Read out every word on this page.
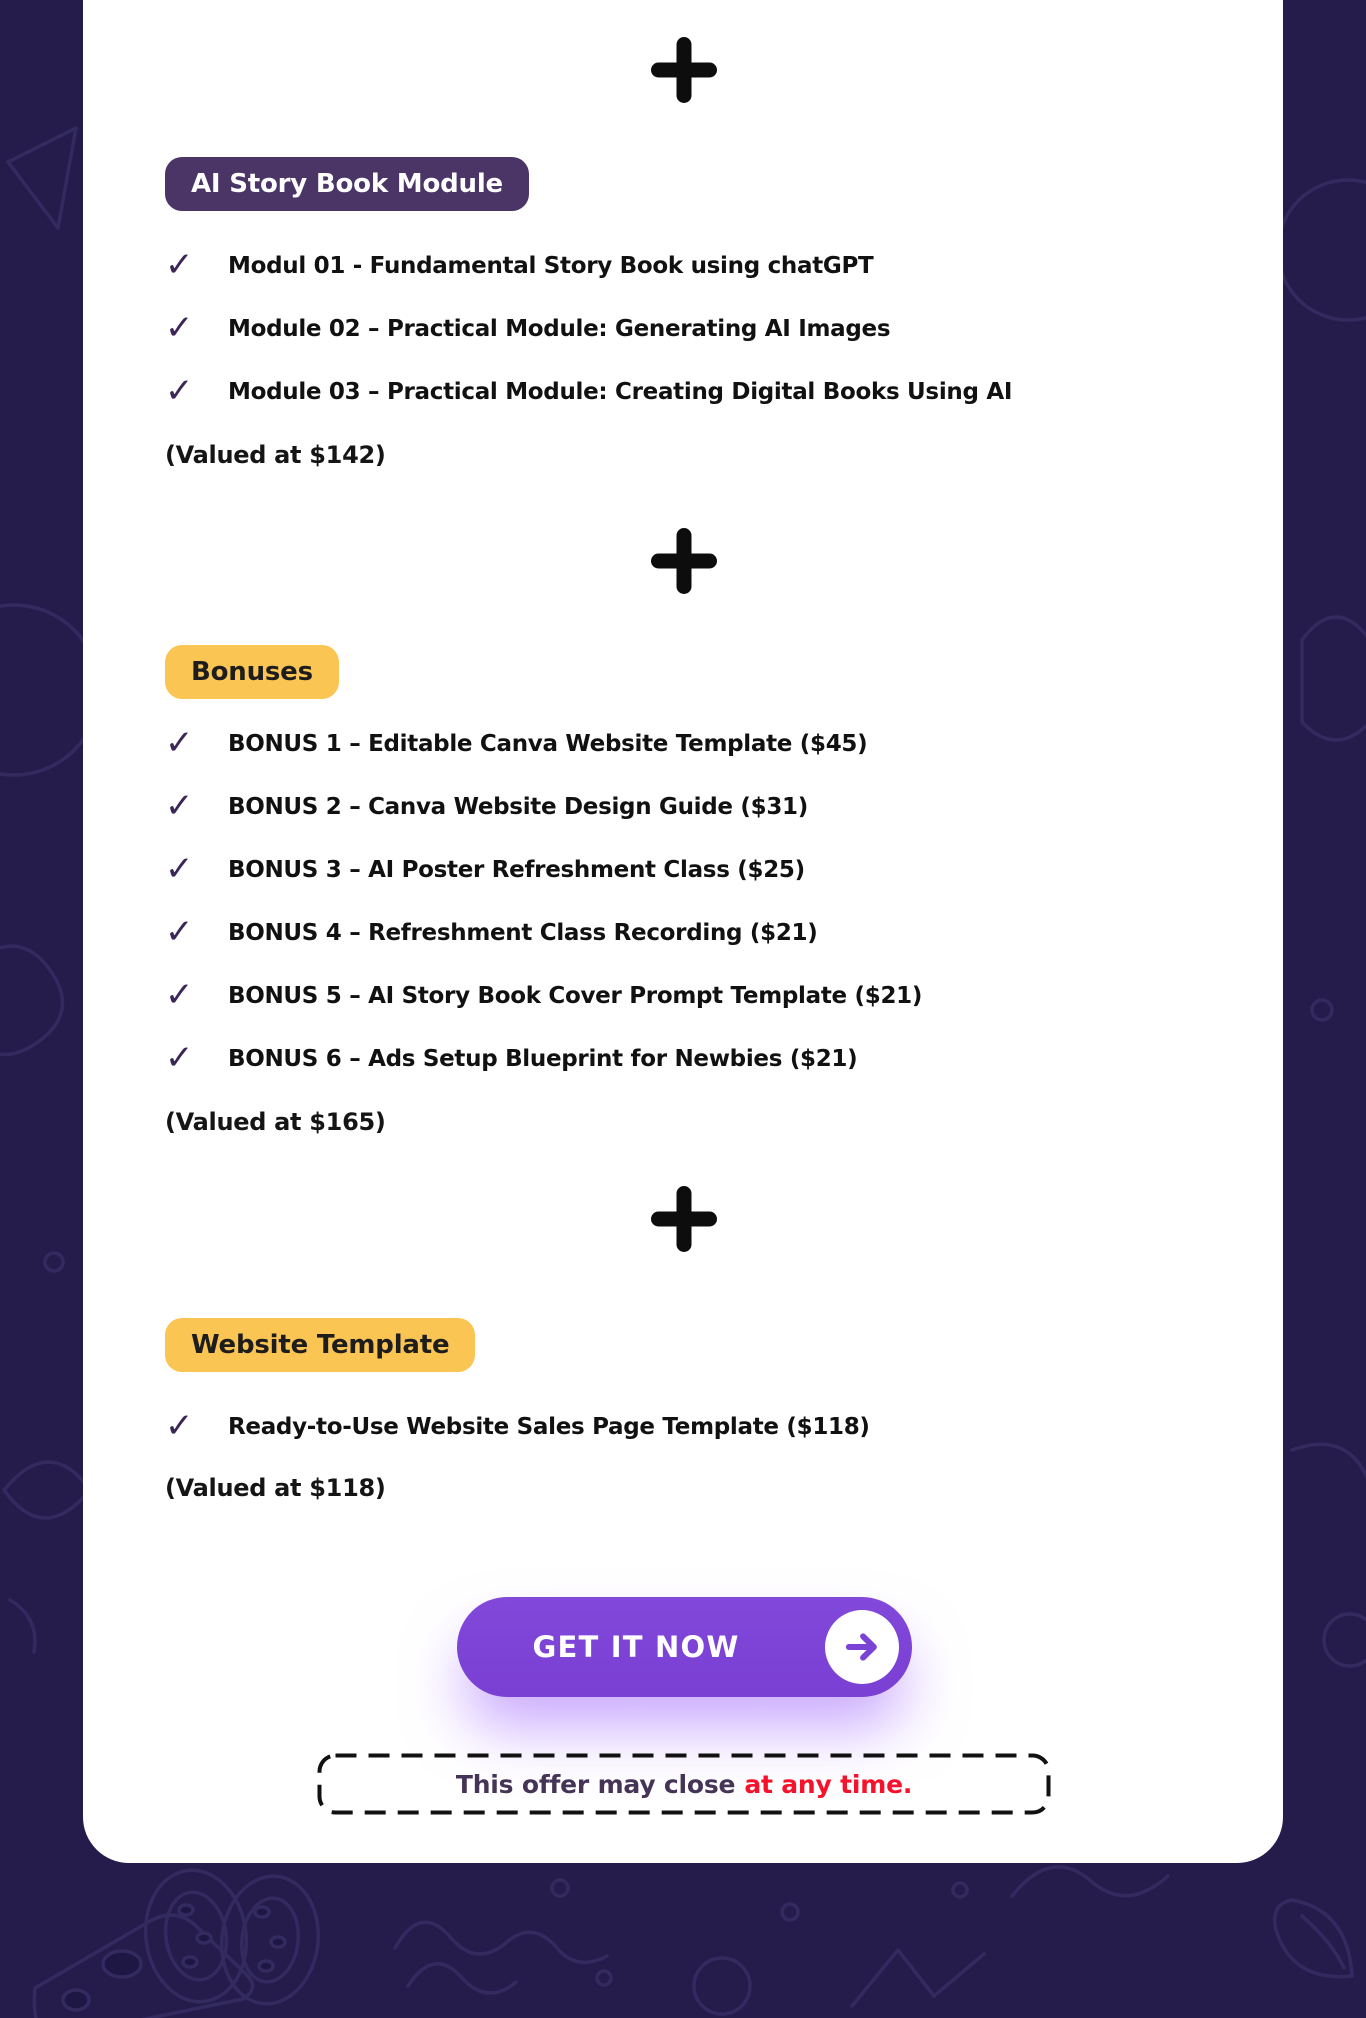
AI Story Book Module
✓	Modul 01 - Fundamental Story Book using chatGPT
✓	Module 02 – Practical Module: Generating AI Images
✓	Module 03 – Practical Module: Creating Digital Books Using AI
(Valued at $142)
Bonuses
✓	BONUS 1 – Editable Canva Website Template ($45)
✓	BONUS 2 – Canva Website Design Guide ($31)
✓	BONUS 3 – AI Poster Refreshment Class ($25)
✓	BONUS 4 – Refreshment Class Recording ($21)
✓	BONUS 5 – AI Story Book Cover Prompt Template ($21)
✓	BONUS 6 – Ads Setup Blueprint for Newbies ($21)
(Valued at $165)
Website Template
✓	Ready-to-Use Website Sales Page Template ($118)
(Valued at $118)
GET IT NOW
This offer may close at any time.
